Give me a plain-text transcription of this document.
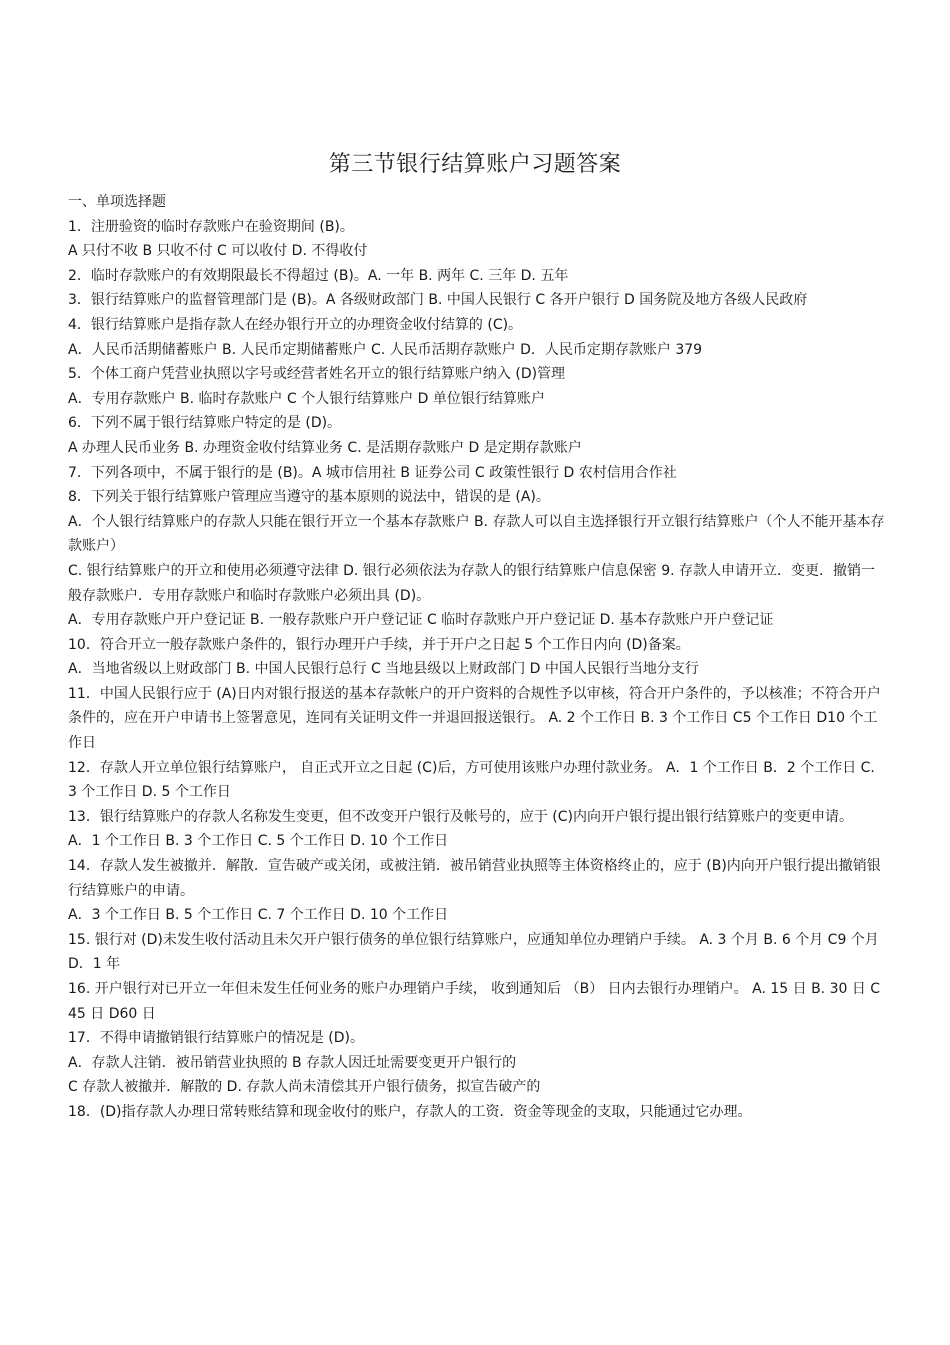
第三节银行结算账户习题答案

一、单项选择题

1．注册验资的临时存款账户在验资期间 (B)。

A 只付不收 B 只收不付 C 可以收付 D. 不得收付

2．临时存款账户的有效期限最长不得超过 (B)。A. 一年 B. 两年 C. 三年 D. 五年

3．银行结算账户的监督管理部门是 (B)。A 各级财政部门 B. 中国人民银行 C 各开户银行 D 国务院及地方各级人民政府

4．银行结算账户是指存款人在经办银行开立的办理资金收付结算的 (C)。

A．人民币活期储蓄账户 B. 人民币定期储蓄账户 C. 人民币活期存款账户 D．人民币定期存款账户 379

5．个体工商户凭营业执照以字号或经营者姓名开立的银行结算账户纳入 (D)管理

A．专用存款账户 B. 临时存款账户 C 个人银行结算账户 D 单位银行结算账户

6．下列不属于银行结算账户特定的是 (D)。

A 办理人民币业务 B. 办理资金收付结算业务 C. 是活期存款账户 D 是定期存款账户

7．下列各项中，不属于银行的是 (B)。A 城市信用社 B 证券公司 C 政策性银行 D 农村信用合作社

8．下列关于银行结算账户管理应当遵守的基本原则的说法中，错误的是 (A)。

A．个人银行结算账户的存款人只能在银行开立一个基本存款账户 B. 存款人可以自主选择银行开立银行结算账户（个人不能开基本存款账户）

C. 银行结算账户的开立和使用必须遵守法律 D. 银行必须依法为存款人的银行结算账户信息保密 9. 存款人申请开立．变更．撤销一般存款账户．专用存款账户和临时存款账户必须出具 (D)。

A．专用存款账户开户登记证 B. 一般存款账户开户登记证 C 临时存款账户开户登记证 D. 基本存款账户开户登记证

10．符合开立一般存款账户条件的，银行办理开户手续，并于开户之日起 5 个工作日内向 (D)备案。

A．当地省级以上财政部门 B. 中国人民银行总行 C 当地县级以上财政部门 D 中国人民银行当地分支行

11．中国人民银行应于 (A)日内对银行报送的基本存款帐户的开户资料的合规性予以审核，符合开户条件的，予以核准；不符合开户条件的，应在开户申请书上签署意见，连同有关证明文件一并退回报送银行。 A. 2 个工作日 B. 3 个工作日 C5 个工作日 D10 个工作日

12．存款人开立单位银行结算账户， 自正式开立之日起 (C)后，方可使用该账户办理付款业务。 A．1 个工作日 B．2 个工作日 C. 3 个工作日 D. 5 个工作日

13．银行结算账户的存款人名称发生变更，但不改变开户银行及帐号的，应于 (C)内向开户银行提出银行结算账户的变更申请。

A．1 个工作日 B. 3 个工作日 C. 5 个工作日 D. 10 个工作日

14．存款人发生被撤并．解散．宣告破产或关闭，或被注销．被吊销营业执照等主体资格终止的，应于 (B)内向开户银行提出撤销银行结算账户的申请。

A．3 个工作日 B. 5 个工作日 C. 7 个工作日 D. 10 个工作日

15. 银行对 (D)未发生收付活动且未欠开户银行债务的单位银行结算账户，应通知单位办理销户手续。 A. 3 个月 B. 6 个月 C9 个月 D．1 年

16. 开户银行对已开立一年但未发生任何业务的账户办理销户手续， 收到通知后 （B） 日内去银行办理销户。 A. 15 日 B. 30 日 C45 日 D60 日

17．不得申请撤销银行结算账户的情况是 (D)。

A．存款人注销．被吊销营业执照的 B 存款人因迁址需要变更开户银行的

C 存款人被撤并．解散的 D. 存款人尚未清偿其开户银行债务，拟宣告破产的

18．(D)指存款人办理日常转账结算和现金收付的账户，存款人的工资．资金等现金的支取，只能通过它办理。
